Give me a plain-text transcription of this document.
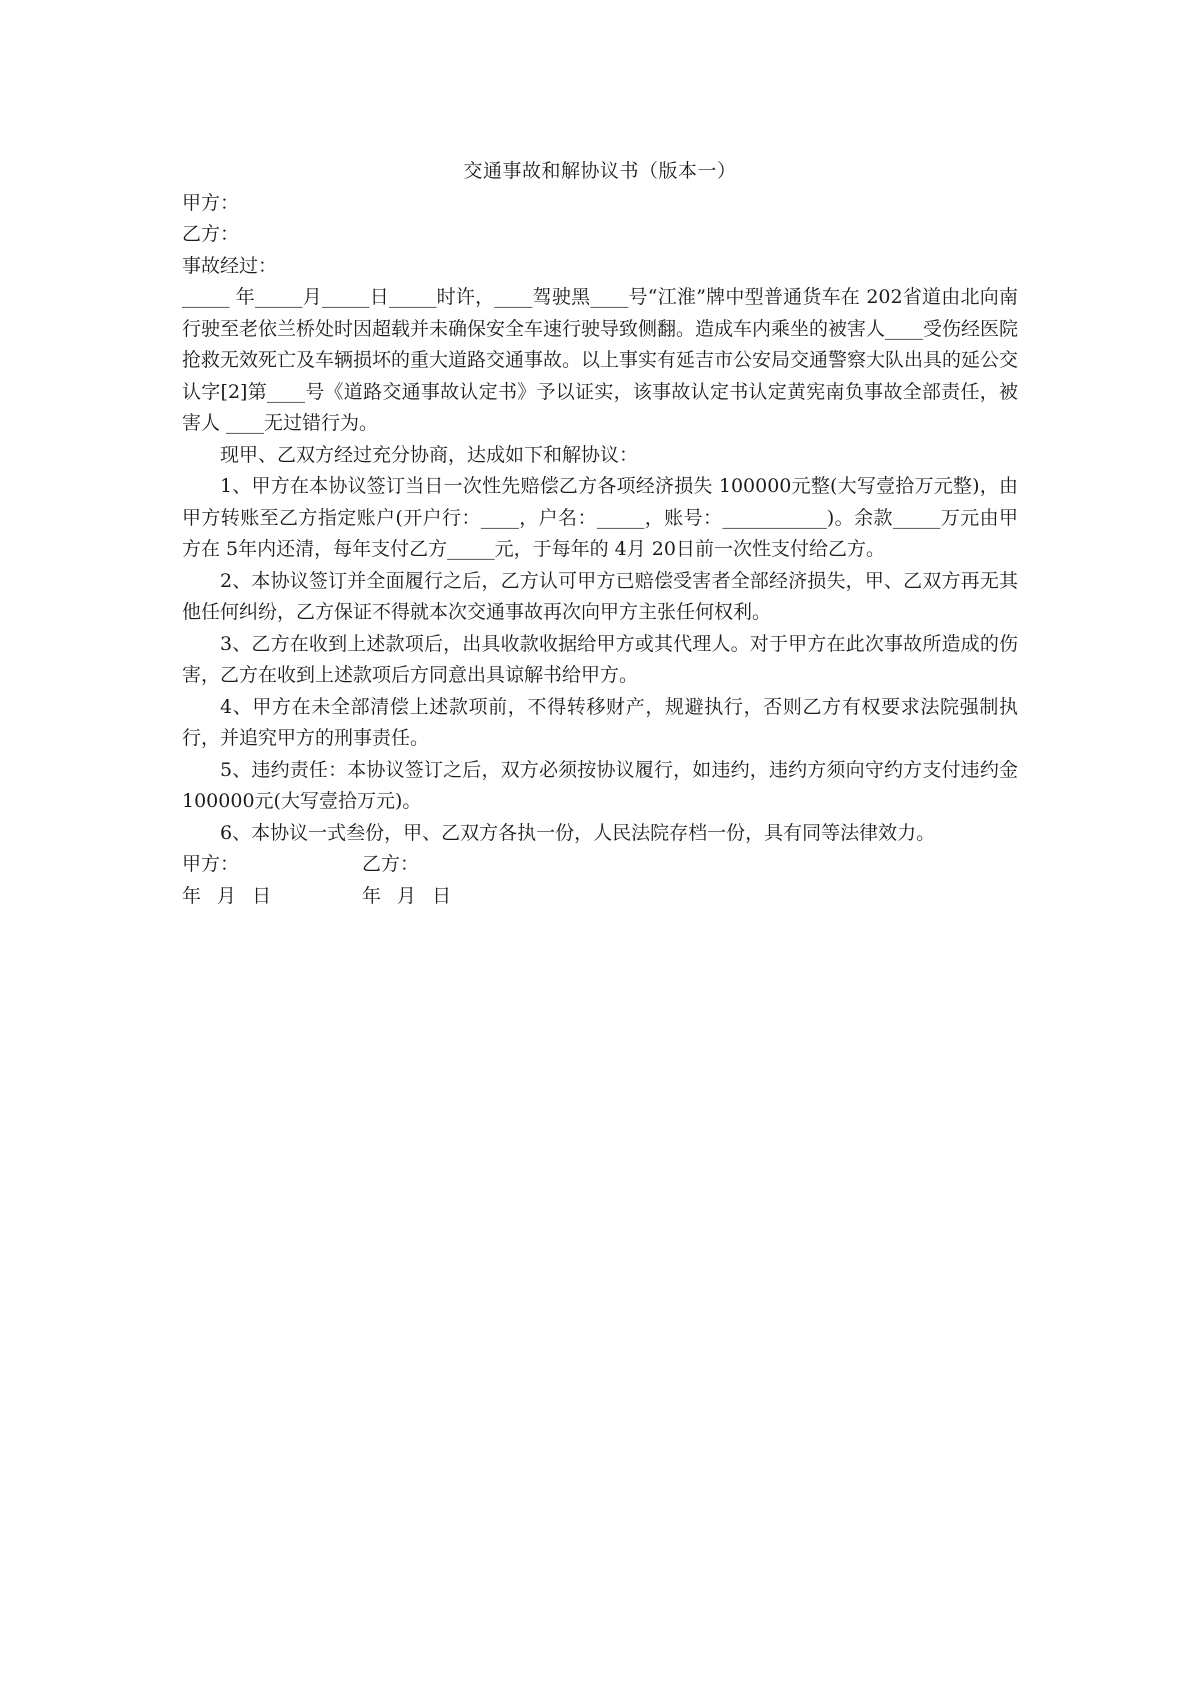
交通事故和解协议书（版本一）

甲方：

乙方：

事故经过：

_____ 年_____月_____日_____时许，____驾驶黑____号“江淮”牌中型普通货车在 202省道由北向南行驶至老依兰桥处时因超载并未确保安全车速行驶导致侧翻。造成车内乘坐的被害人____受伤经医院抢救无效死亡及车辆损坏的重大道路交通事故。以上事实有延吉市公安局交通警察大队出具的延公交认字[2]第____号《道路交通事故认定书》予以证实，该事故认定书认定黄宪南负事故全部责任，被害人 ____无过错行为。

现甲、乙双方经过充分协商，达成如下和解协议：

1、甲方在本协议签订当日一次性先赔偿乙方各项经济损失 100000元整(大写壹拾万元整)，由甲方转账至乙方指定账户(开户行：____，户名：_____，账号：___________)。余款_____万元由甲方在 5年内还清，每年支付乙方_____元，于每年的 4月 20日前一次性支付给乙方。

2、本协议签订并全面履行之后，乙方认可甲方已赔偿受害者全部经济损失，甲、乙双方再无其他任何纠纷，乙方保证不得就本次交通事故再次向甲方主张任何权利。

3、乙方在收到上述款项后，出具收款收据给甲方或其代理人。对于甲方在此次事故所造成的伤害，乙方在收到上述款项后方同意出具谅解书给甲方。

4、甲方在未全部清偿上述款项前，不得转移财产，规避执行，否则乙方有权要求法院强制执行，并追究甲方的刑事责任。

5、违约责任：本协议签订之后，双方必须按协议履行，如违约，违约方须向守约方支付违约金 100000元(大写壹拾万元)。

6、本协议一式叁份，甲、乙双方各执一份，人民法院存档一份，具有同等法律效力。

甲方：	乙方：
年 月 日	年 月 日
